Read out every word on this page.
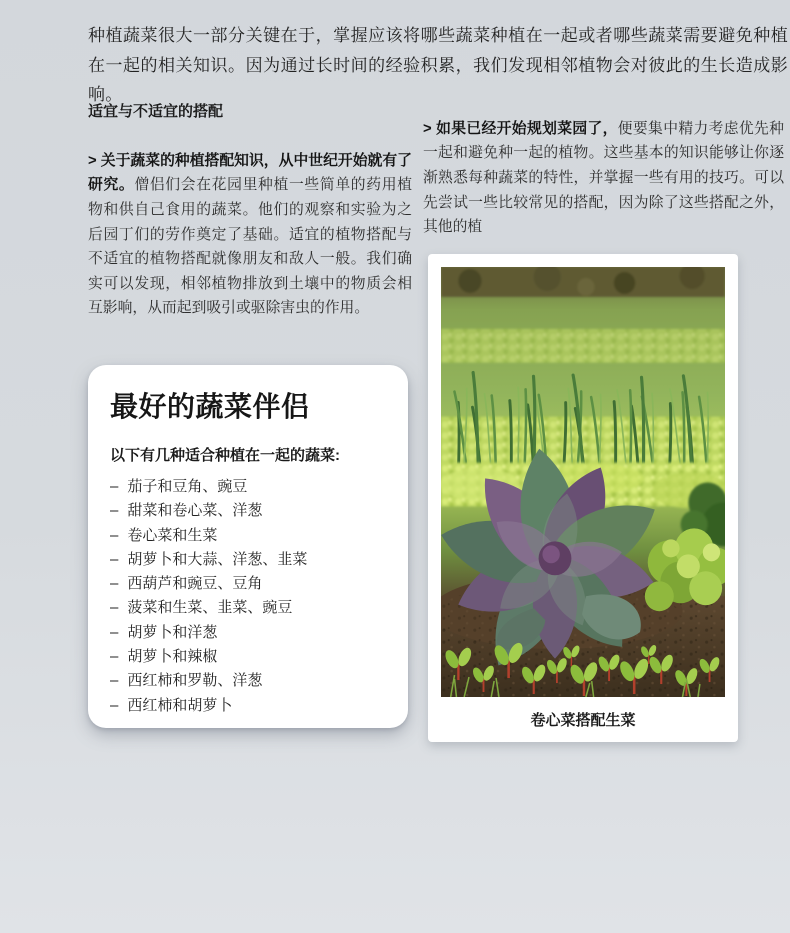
种植蔬菜很大一部分关键在于，掌握应该将哪些蔬菜种植在一起或者哪些蔬菜需要避免种植在一起的相关知识。因为通过长时间的经验积累，我们发现相邻植物会对彼此的生长造成影响。

适宜与不适宜的搭配

> 关于蔬菜的种植搭配知识，从中世纪开始就有了研究。僧侣们会在花园里种植一些简单的药用植物和供自己食用的蔬菜。他们的观察和实验为之后园丁们的劳作奠定了基础。适宜的植物搭配与不适宜的植物搭配就像朋友和敌人一般。我们确实可以发现，相邻植物排放到土壤中的物质会相互影响，从而起到吸引或驱除害虫的作用。

> 如果已经开始规划菜园了，便要集中精力考虑优先种一起和避免种一起的植物。这些基本的知识能够让你逐渐熟悉每种蔬菜的特性，并掌握一些有用的技巧。可以先尝试一些比较常见的搭配，因为除了这些搭配之外，其他的植

最好的蔬菜伴侣

以下有几种适合种植在一起的蔬菜:

– 茄子和豆角、豌豆
– 甜菜和卷心菜、洋葱
– 卷心菜和生菜
– 胡萝卜和大蒜、洋葱、韭菜
– 西葫芦和豌豆、豆角
– 菠菜和生菜、韭菜、豌豆
– 胡萝卜和洋葱
– 胡萝卜和辣椒
– 西红柿和罗勒、洋葱
– 西红柿和胡萝卜
卷心菜搭配生菜
